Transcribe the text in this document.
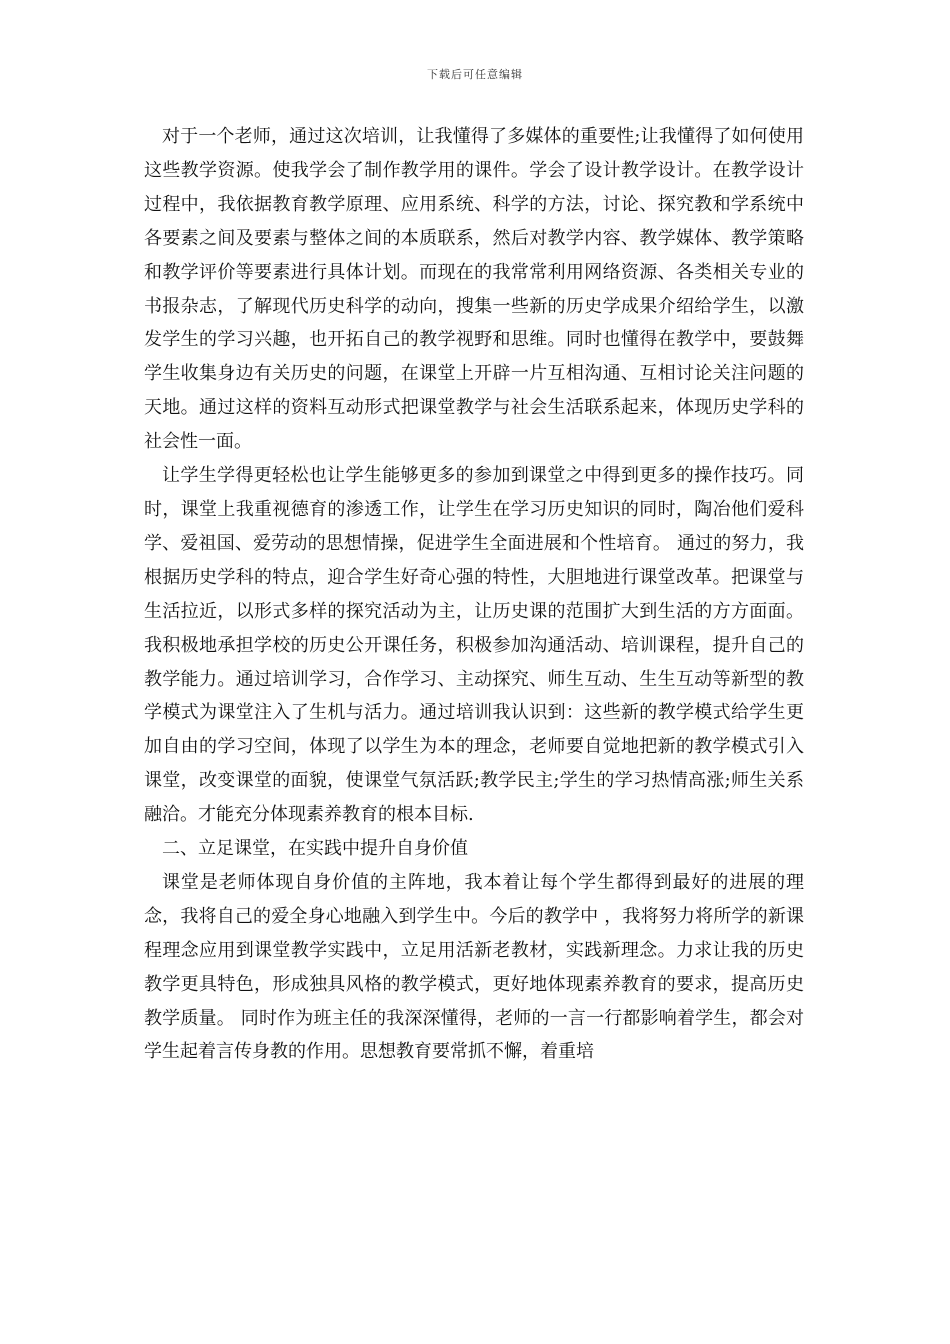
下载后可任意编辑

对于一个老师，通过这次培训，让我懂得了多媒体的重要性;让我懂得了如何使用这些教学资源。使我学会了制作教学用的课件。学会了设计教学设计。在教学设计过程中，我依据教育教学原理、应用系统、科学的方法，讨论、探究教和学系统中各要素之间及要素与整体之间的本质联系，然后对教学内容、教学媒体、教学策略和教学评价等要素进行具体计划。而现在的我常常利用网络资源、各类相关专业的书报杂志，了解现代历史科学的动向，搜集一些新的历史学成果介绍给学生，以激发学生的学习兴趣，也开拓自己的教学视野和思维。同时也懂得在教学中，要鼓舞学生收集身边有关历史的问题，在课堂上开辟一片互相沟通、互相讨论关注问题的天地。通过这样的资料互动形式把课堂教学与社会生活联系起来，体现历史学科的社会性一面。

让学生学得更轻松也让学生能够更多的参加到课堂之中得到更多的操作技巧。同时，课堂上我重视德育的渗透工作，让学生在学习历史知识的同时，陶冶他们爱科学、爱祖国、爱劳动的思想情操，促进学生全面进展和个性培育。 通过的努力，我根据历史学科的特点，迎合学生好奇心强的特性，大胆地进行课堂改革。把课堂与生活拉近，以形式多样的探究活动为主，让历史课的范围扩大到生活的方方面面。我积极地承担学校的历史公开课任务，积极参加沟通活动、培训课程，提升自己的教学能力。通过培训学习，合作学习、主动探究、师生互动、生生互动等新型的教学模式为课堂注入了生机与活力。通过培训我认识到：这些新的教学模式给学生更加自由的学习空间，体现了以学生为本的理念，老师要自觉地把新的教学模式引入课堂，改变课堂的面貌，使课堂气氛活跃;教学民主;学生的学习热情高涨;师生关系融洽。才能充分体现素养教育的根本目标.

二、立足课堂，在实践中提升自身价值

课堂是老师体现自身价值的主阵地，我本着让每个学生都得到最好的进展的理念，我将自己的爱全身心地融入到学生中。今后的教学中 ，我将努力将所学的新课程理念应用到课堂教学实践中，立足用活新老教材，实践新理念。力求让我的历史教学更具特色，形成独具风格的教学模式，更好地体现素养教育的要求，提高历史教学质量。 同时作为班主任的我深深懂得，老师的一言一行都影响着学生，都会对学生起着言传身教的作用。思想教育要常抓不懈，着重培
